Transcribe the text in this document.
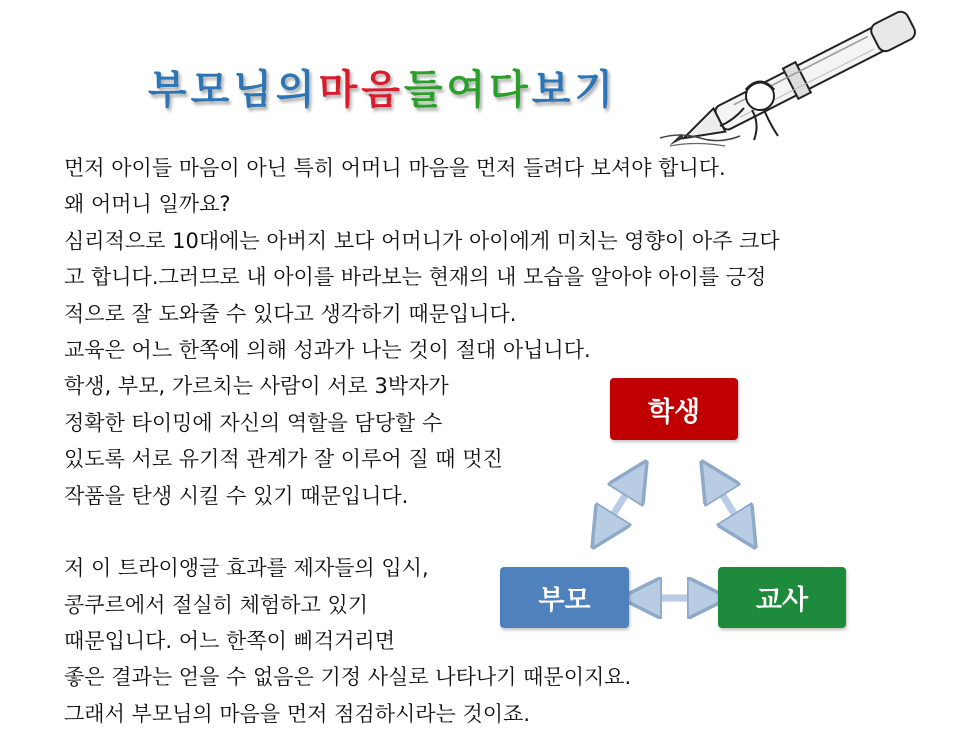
부모님의마음들여다보기
먼저 아이들 마음이 아닌 특히 어머니 마음을 먼저 들려다 보셔야 합니다.
왜 어머니 일까요?
심리적으로 10대에는 아버지 보다 어머니가 아이에게 미치는 영향이 아주 크다
고 합니다.그러므로 내 아이를 바라보는 현재의 내 모습을 알아야 아이를 긍정
적으로 잘 도와줄 수 있다고 생각하기 때문입니다.
교육은 어느 한쪽에 의해 성과가 나는 것이 절대 아닙니다.
학생, 부모, 가르치는 사람이 서로 3박자가
정확한 타이밍에 자신의 역할을 담당할 수
있도록 서로 유기적 관계가 잘 이루어 질 때 멋진
작품을 탄생 시킬 수 있기 때문입니다.
저 이 트라이앵글 효과를 제자들의 입시,
콩쿠르에서 절실히 체험하고 있기
때문입니다. 어느 한쪽이 삐걱거리면
좋은 결과는 얻을 수 없음은 기정 사실로 나타나기 때문이지요.
그래서 부모님의 마음을 먼저 점검하시라는 것이죠.
학생
부모	교사
